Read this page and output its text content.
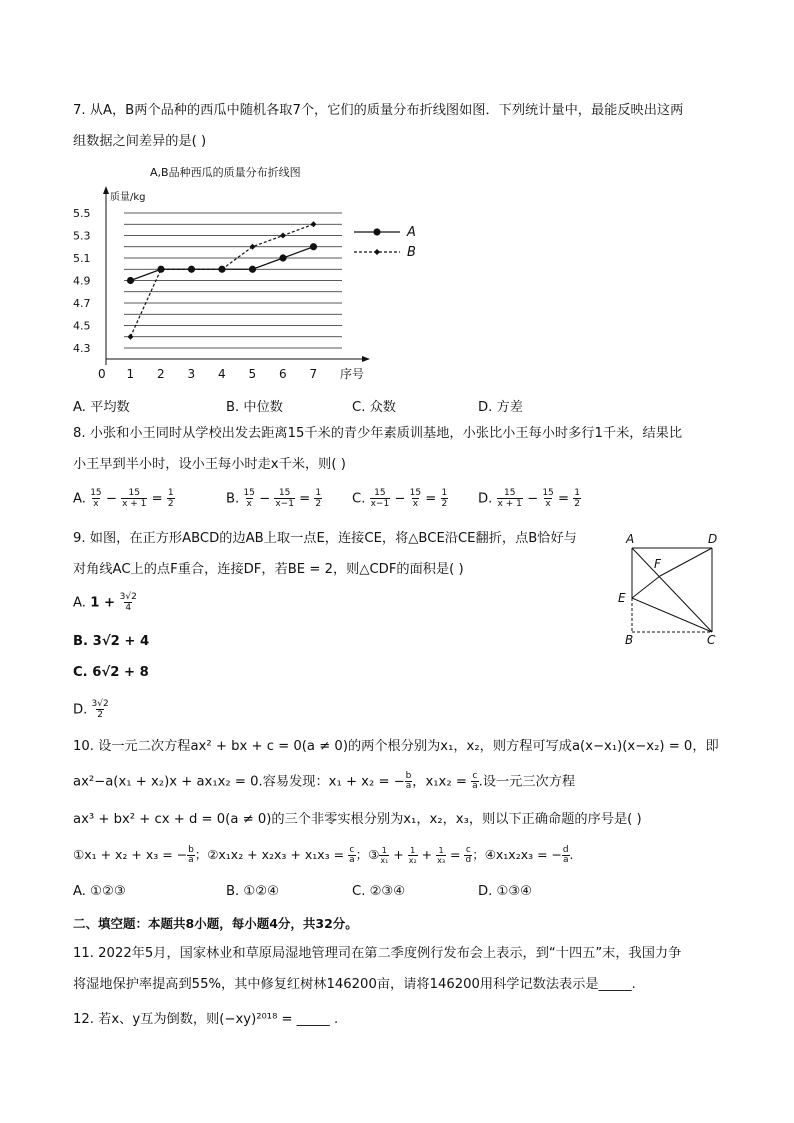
7. 从A，B两个品种的西瓜中随机各取7个，它们的质量分布折线图如图．下列统计量中，最能反映出这两
组数据之间差异的是( )
A,B品种西瓜的质量分布折线图
质量/kg
5.5
5.3
5.1
4.9
4.7
4.5
4.3
0 1 2 3 4 5 6 7 序号
A
B
A. 平均数	B. 中位数	C. 众数	D. 方差
8. 小张和小王同时从学校出发去距离15千米的青少年素质训基地，小张比小王每小时多行1千米，结果比
小王早到半小时，设小王每小时走x千米，则( )
A. $\frac{15}{x} - \frac{15}{x + 1} = \frac{1}{2}$	B. $\frac{15}{x} - \frac{15}{x-1} = \frac{1}{2} C$. $\frac{15}{x-1} - \frac{15}{x} = \frac{1}{2} D$. $\frac{15}{x + 1} - \frac{15}{x} = \frac{1}{2}$
9. 如图，在正方形ABCD的边AB上取一点E，连接CE，将△BCE沿CE翻折，点B恰好与
对角线AC上的点F重合，连接DF，若BE = 2，则△CDF的面积是( )
A. $1 + \frac{3√2}{4}$
B. 3√2 + 4
C. 6√2 + 8
D. $\frac{3√2}{2}$
A	D
F
E
B	C
10. 设一元二次方程ax² + bx + c = 0(a ≠ 0)的两个根分别为x₁，x₂，则方程可写成a(x−x₁)(x−x₂) = 0，即
ax²−a(x₁ + x₂)x + ax₁x₂ = 0.容易发现：x₁ + x₂ = − $\frac{b}{a}$ ，$x_1x_2 = \frac{c}{a}$ .设一元三次方程
ax³ + bx² + cx + d = 0(a ≠ 0)的三个非零实根分别为x₁，x₂，x₃，则以下正确命题的序号是( )
①x₁ + x₂ + x₃ = − $\frac{b}{a}$ ；②x₁x₂ + $x_2x_3 + x_1x_3 = \frac{c}{a}$ ；③ $\frac{1}{\text{x₁}} + \frac{1}{\text{x₂}} + \frac{1}{\text{x₃}} = \frac{c}{d}$ ；④x₁x₂x₃ = − $\frac{d}{a}$ .
A. ①②③	B. ①②④	C. ②③④	D. ①③④
二、填空题：本题共8小题，每小题4分，共32分。
11. 2022年5月，国家林业和草原局湿地管理司在第二季度例行发布会上表示，到“十四五”末，我国力争
将湿地保护率提高到55%，其中修复红树林146200亩，请将146200用科学记数法表示是_____.
12. 若x、y互为倒数，则(−xy)²⁰¹⁸ = _____ .
